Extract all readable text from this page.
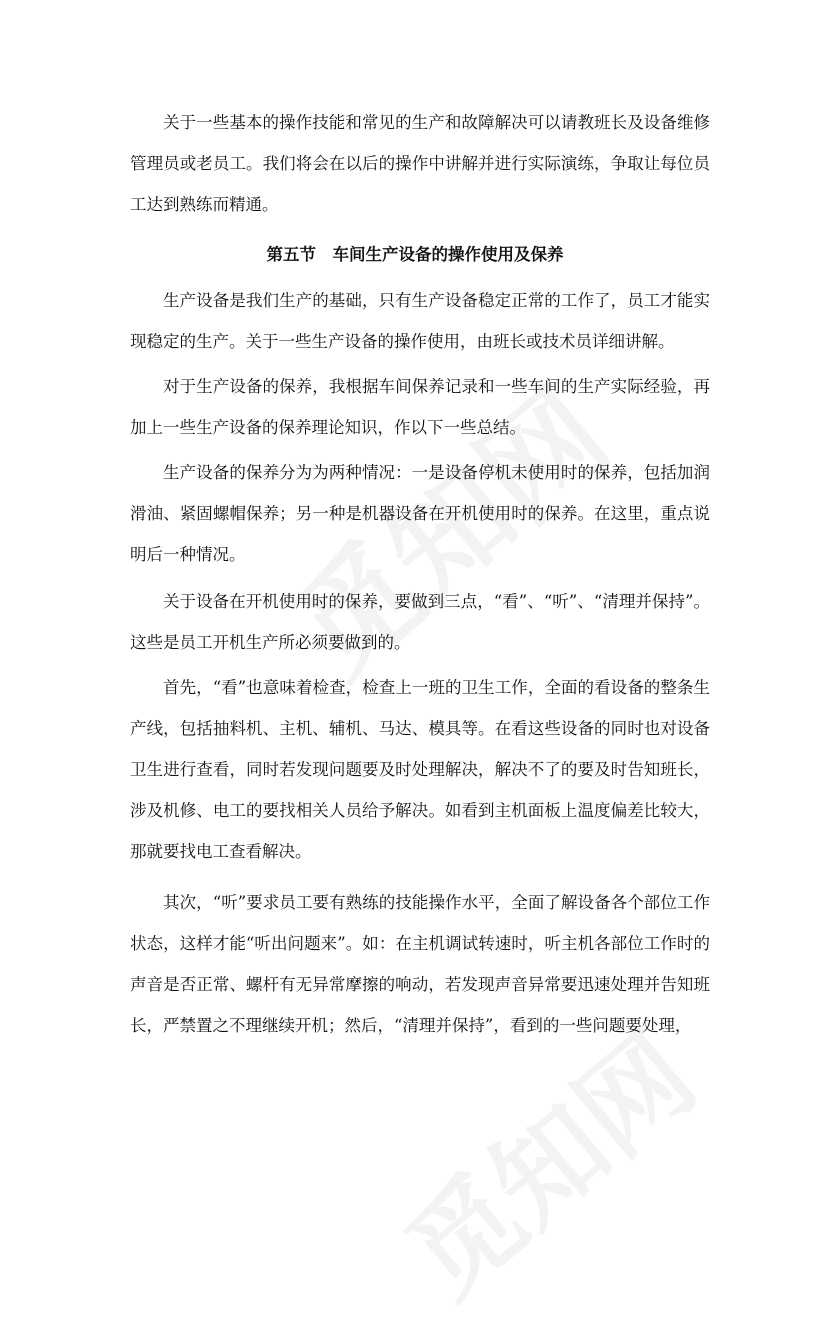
关于一些基本的操作技能和常见的生产和故障解决可以请教班长及设备维修管理员或老员工。我们将会在以后的操作中讲解并进行实际演练，争取让每位员工达到熟练而精通。

第五节　车间生产设备的操作使用及保养

生产设备是我们生产的基础，只有生产设备稳定正常的工作了，员工才能实现稳定的生产。关于一些生产设备的操作使用，由班长或技术员详细讲解。

对于生产设备的保养，我根据车间保养记录和一些车间的生产实际经验，再加上一些生产设备的保养理论知识，作以下一些总结。

生产设备的保养分为为两种情况：一是设备停机未使用时的保养，包括加润滑油、紧固螺帽保养；另一种是机器设备在开机使用时的保养。在这里，重点说明后一种情况。

关于设备在开机使用时的保养，要做到三点，“看”、“听”、“清理并保持”。这些是员工开机生产所必须要做到的。

首先，“看”也意味着检查，检查上一班的卫生工作，全面的看设备的整条生产线，包括抽料机、主机、辅机、马达、模具等。在看这些设备的同时也对设备卫生进行查看，同时若发现问题要及时处理解决，解决不了的要及时告知班长，涉及机修、电工的要找相关人员给予解决。如看到主机面板上温度偏差比较大，那就要找电工查看解决。

其次，“听”要求员工要有熟练的技能操作水平，全面了解设备各个部位工作状态，这样才能“听出问题来”。如：在主机调试转速时，听主机各部位工作时的声音是否正常、螺杆有无异常摩擦的响动，若发现声音异常要迅速处理并告知班长，严禁置之不理继续开机；然后，“清理并保持”，看到的一些问题要处理，
